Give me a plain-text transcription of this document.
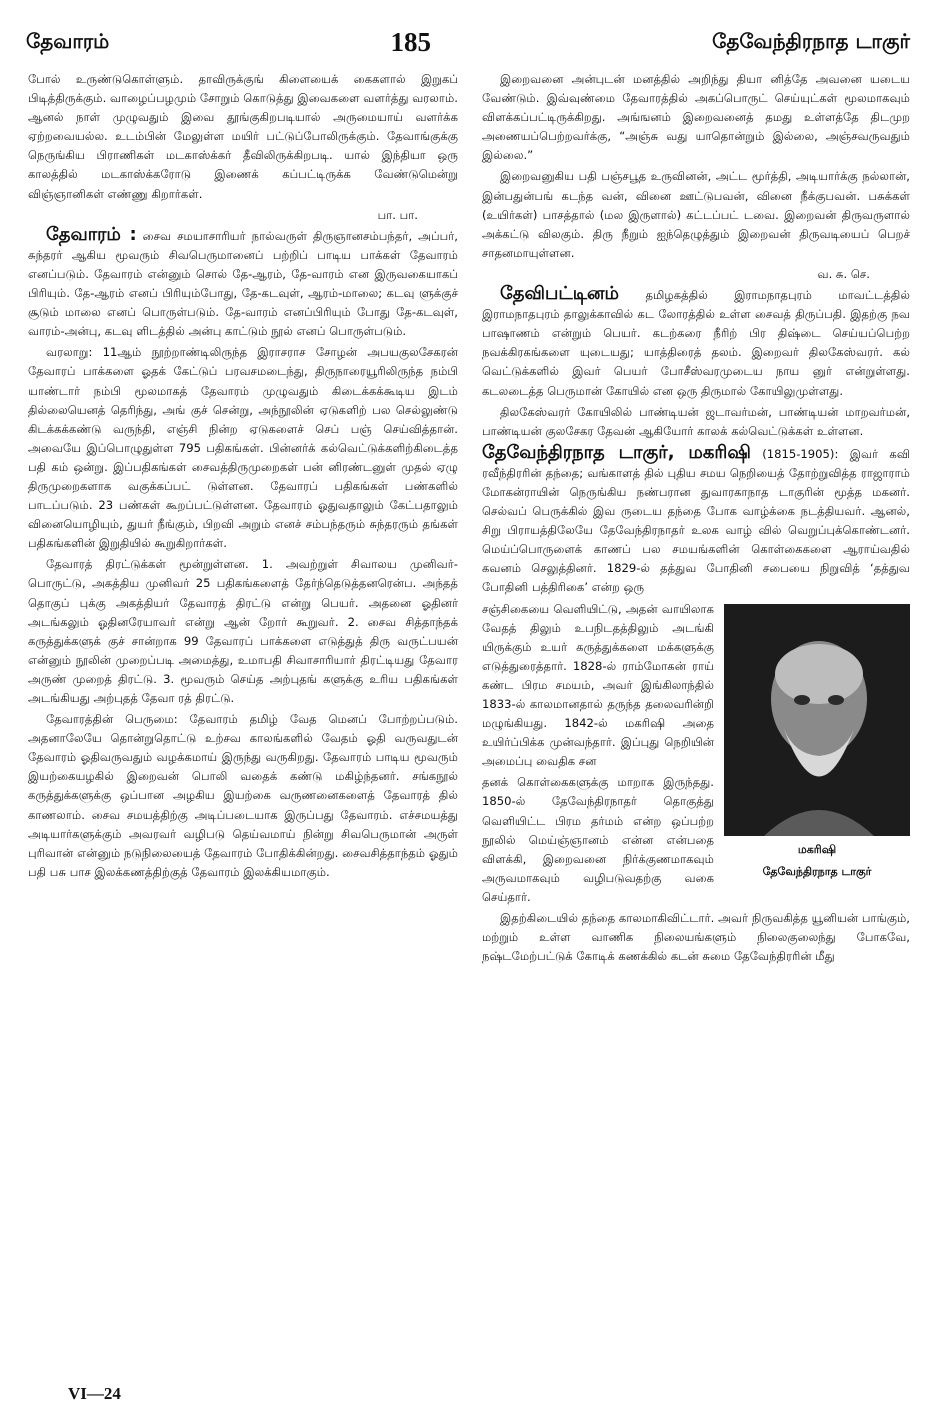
தேவாரம்	185	தேவேந்திரநாத டாகுர்

போல் உருண்டுகொள்ளும். தாவிருக்குங் கிளையைக் கைகளால் இறுகப் பிடித்திருக்கும். வாழைப்பழமும் சோறும் கொடுத்து இவைகளை வளர்த்து வரலாம். ஆனல் நாள் முழுவதும் இவை தூங்குகிறபடியால் அருமையாய் வளர்க்க ஏற்றவையல்ல. உடம்பின் மேலுள்ள மயிர் பட்டுப்போலிருக்கும். தேவாங்குக்கு நெருங்கிய பிராணிகள் மடகாஸ்க்கர் தீவிலிருக்கிறபடி. யால் இந்தியா ஒரு காலத்தில் மடகாஸ்க்கரோடு இணைக் கப்பட்டிருக்க வேண்டுமென்று விஞ்ஞானிகள் எண்ணு கிறார்கள்.

பா. பா.

தேவாரம் : சைவ சமயாசாரியர் நால்வருள் திருஞானசம்பந்தர், அப்பர், சுந்தரர் ஆகிய மூவரும் சிவபெருமானைப் பற்றிப் பாடிய பாக்கள் தேவாரம் எனப்படும். தேவாரம் என்னும் சொல் தே-ஆரம், தே-வாரம் என இருவகையாகப் பிரியும். தே-ஆரம் எனப் பிரியும்போது, தே-கடவுள், ஆரம்-மாலை; கடவு ளுக்குச் சூடும் மாலை எனப் பொருள்படும். தே-வாரம் எனப்பிரியும் போது தே-கடவுள், வாரம்-அன்பு, கடவு ளிடத்தில் அன்பு காட்டும் நூல் எனப் பொருள்படும்.

வரலாறு: 11ஆம் நூற்றாண்டிலிருந்த இராசராச சோழன் அபயகுலசேகரன் தேவாரப் பாக்களை ஓதக் கேட்டுப் பரவசமடைந்து, திருநாரையூரிலிருந்த நம்பி யாண்டார் நம்பி மூலமாகத் தேவாரம் முழுவதும் கிடைக்கக்கூடிய இடம் தில்லையெனத் தெரிந்து, அங் குச் சென்று, அந்நூலின் ஏடுகளிற் பல செல்லுண்டு கிடக்கக்கண்டு வருந்தி, எஞ்சி நின்ற ஏடுகளைச் செப் பஞ் செய்வித்தான். அவையே இப்பொழுதுள்ள 795 பதிகங்கள். பின்னர்க் கல்வெட்டுக்களிற்கிடைத்த பதி கம் ஒன்று. இப்பதிகங்கள் சைவத்திருமுறைகள் பன் னிரண்டனுள் முதல் ஏழு திருமுறைகளாக வகுக்கப்பட் டுள்ளன. தேவாரப் பதிகங்கள் பண்களில் பாடப்படும். 23 பண்கள் கூறப்பட்டுள்ளன. தேவாரம் ஓதுவதாலும் கேட்பதாலும் வினையொழியும், துயர் நீங்கும், பிறவி அறும் எனச் சம்பந்தரும் சுந்தரரும் தங்கள் பதிகங்களின் இறுதியில் கூறுகிறார்கள்.

தேவாரத் திரட்டுக்கள் மூன்றுள்ளன. 1. அவற்றுள் சிவாலய முனிவர்-பொருட்டு, அகத்திய முனிவர் 25 பதிகங்களைத் தேர்ந்தெடுத்தனரென்ப. அந்தத் தொகுப் புக்கு அகத்தியர் தேவாரத் திரட்டு என்று பெயர். அதனை ஓதினர் அடங்கலும் ஓதினரேயாவர் என்று ஆன் றோர் கூறுவர். 2. சைவ சித்தாந்தக் கருத்துக்களுக் குச் சான்றாக 99 தேவாரப் பாக்களை எடுத்துத் திரு வருட்பயன் என்னும் நூலின் முறைப்படி அமைத்து, உமாபதி சிவாசாரியார் திரட்டியது தேவார அருண் முறைத் திரட்டு. 3. மூவரும் செய்த அற்புதங் களுக்கு உரிய பதிகங்கள் அடங்கியது அற்புதத் தேவா ரத் திரட்டு.

தேவாரத்தின் பெருமை: தேவாரம் தமிழ் வேத மெனப் போற்றப்படும். அதனாலேயே தொன்றுதொட்டு உற்சவ காலங்களில் வேதம் ஓதி வருவதுடன் தேவாரம் ஓதிவருவதும் வழக்கமாய் இருந்து வருகிறது. தேவாரம் பாடிய மூவரும் இயற்கையழகில் இறைவன் பொலி வதைக் கண்டு மகிழ்ந்தனர். சங்கநூல் கருத்துக்களுக்கு ஒப்பான அழகிய இயற்கை வருணனைகளைத் தேவாரத் தில் காணலாம். சைவ சமயத்திற்கு அடிப்படையாக இருப்பது தேவாரம். எச்சமயத்து அடியார்களுக்கும் அவரவர் வழிபடு தெய்வமாய் நின்று சிவபெருமான் அருள் புரிவான் என்னும் நடுநிலையைத் தேவாரம் போதிக்கின்றது. சைவசித்தாந்தம் ஓதும் பதி பசு பாச இலக்கணத்திற்குத் தேவாரம் இலக்கியமாகும்.

இறைவனை அன்புடன் மனத்தில் அறிந்து தியா னித்தே அவனை யடைய வேண்டும். இவ்வுண்மை தேவாரத்தில் அகப்பொருட் செய்யுட்கள் மூலமாகவும் விளக்கப்பட்டிருக்கிறது. அங்ஙனம் இறைவனைத் தமது உள்ளத்தே திடமுற அணையப்பெற்றவர்க்கு, “அஞ்சு வது யாதொன்றும் இல்லை, அஞ்சவருவதும் இல்லை.”

இறைவனுகிய பதி பஞ்சபூத உருவினன், அட்ட மூர்த்தி, அடியார்க்கு நல்லான், இன்பதுன்பங் கடந்த வன், வினை ஊட்டுபவன், வினை நீக்குபவன். பசுக்கள் (உயிர்கள்) பாசத்தால் (மல இருளால்) கட்டப்பட் டவை. இறைவன் திருவருளால் அக்கட்டு விலகும். திரு நீறும் ஐந்தெழுத்தும் இறைவன் திருவடியைப் பெறச் சாதனமாயுள்ளன.

வ. சு. செ.

தேவிபட்டினம் தமிழகத்தில் இராமநாதபுரம் மாவட்டத்தில் இராமநாதபுரம் தாலுக்காவில் கட லோரத்தில் உள்ள சைவத் திருப்பதி. இதற்கு நவ பாஷாணம் என்றும் பெயர். கடற்கரை நீரிற் பிர திஷ்டை செய்யப்பெற்ற நவக்கிரகங்களை யுடையது; யாத்திரைத் தலம். இறைவர் திலகேஸ்வரர். கல் வெட்டுக்களில் இவர் பெயர் போசீஸ்வரமுடைய நாய னுர் என்றுள்ளது. கடலடைத்த பெருமான் கோயில் என ஒரு திருமால் கோயிலுமுள்ளது.

திலகேஸ்வரர் கோயிலில் பாண்டியன் ஜடாவர்மன், பாண்டியன் மாறவர்மன், பாண்டியன் குலசேகர தேவன் ஆகியோர் காலக் கல்வெட்டுக்கள் உள்ளன.

தேவேந்திரநாத டாகுர், மகரிஷி (1815-1905): இவர் கவி ரவீந்திரரின் தந்தை; வங்காளத் தில் புதிய சமய நெறியைத் தோற்றுவித்த ராஜாராம் மோகன்ராயின் நெருங்கிய நண்பரான துவாரகாநாத டாகுரின் மூத்த மகனர். செல்வப் பெருக்கில் இவ ருடைய தந்தை போக வாழ்க்கை நடத்தியவர். ஆனல், சிறு பிராயத்திலேயே தேவேந்திரநாதர் உலக வாழ் வில் வெறுப்புக்கொண்டனர். மெய்ப்பொருளைக் காணப் பல சமயங்களின் கொள்கைகளை ஆராய்வதில் கவனம் செலுத்தினர். 1829-ல் தத்துவ போதினி சபையை நிறுவித் ‘தத்துவ போதினி பத்திரிகை’ என்ற ஒரு

மகரிஷி
தேவேந்திரநாத டாகுர்

சஞ்சிகையை வெளியிட்டு, அதன் வாயிலாக வேதத் திலும் உபநிடதத்திலும் அடங்கி யிருக்கும் உயர் கருத்துக்களை மக்களுக்கு எடுத்துரைத்தார். 1828-ல் ராம்மோகன் ராய் கண்ட பிரம சமயம், அவர் இங்கிலாந்தில் 1833-ல் காலமானதால் தருந்த தலைவரின்றி மழுங்கியது. 1842-ல் மகரிஷி அதை உயிர்ப்பிக்க முன்வந்தார். இப்புது நெறியின் அமைப்பு வைதிக சன

தனக் கொள்கைகளுக்கு மாறாக இருந்தது. 1850-ல் தேவேந்திரநாதர் தொகுத்து வெளியிட்ட பிரம தர்மம் என்ற ஒப்பற்ற நூலில் மெய்ஞ்ஞானம் என்ன என்பதை விளக்கி, இறைவனை நிர்க்குணமாகவும் அருவமாகவும் வழிபடுவதற்கு வகை செய்தார்.

இதற்கிடையில் தந்தை காலமாகிவிட்டார். அவர் நிருவகித்த யூனியன் பாங்கும், மற்றும் உள்ள வாணிக நிலையங்களும் நிலைகுலைந்து போகவே, நஷ்டமேற்பட்டுக் கோடிக் கணக்கில் கடன் சுமை தேவேந்திரரின் மீது

VI—24
